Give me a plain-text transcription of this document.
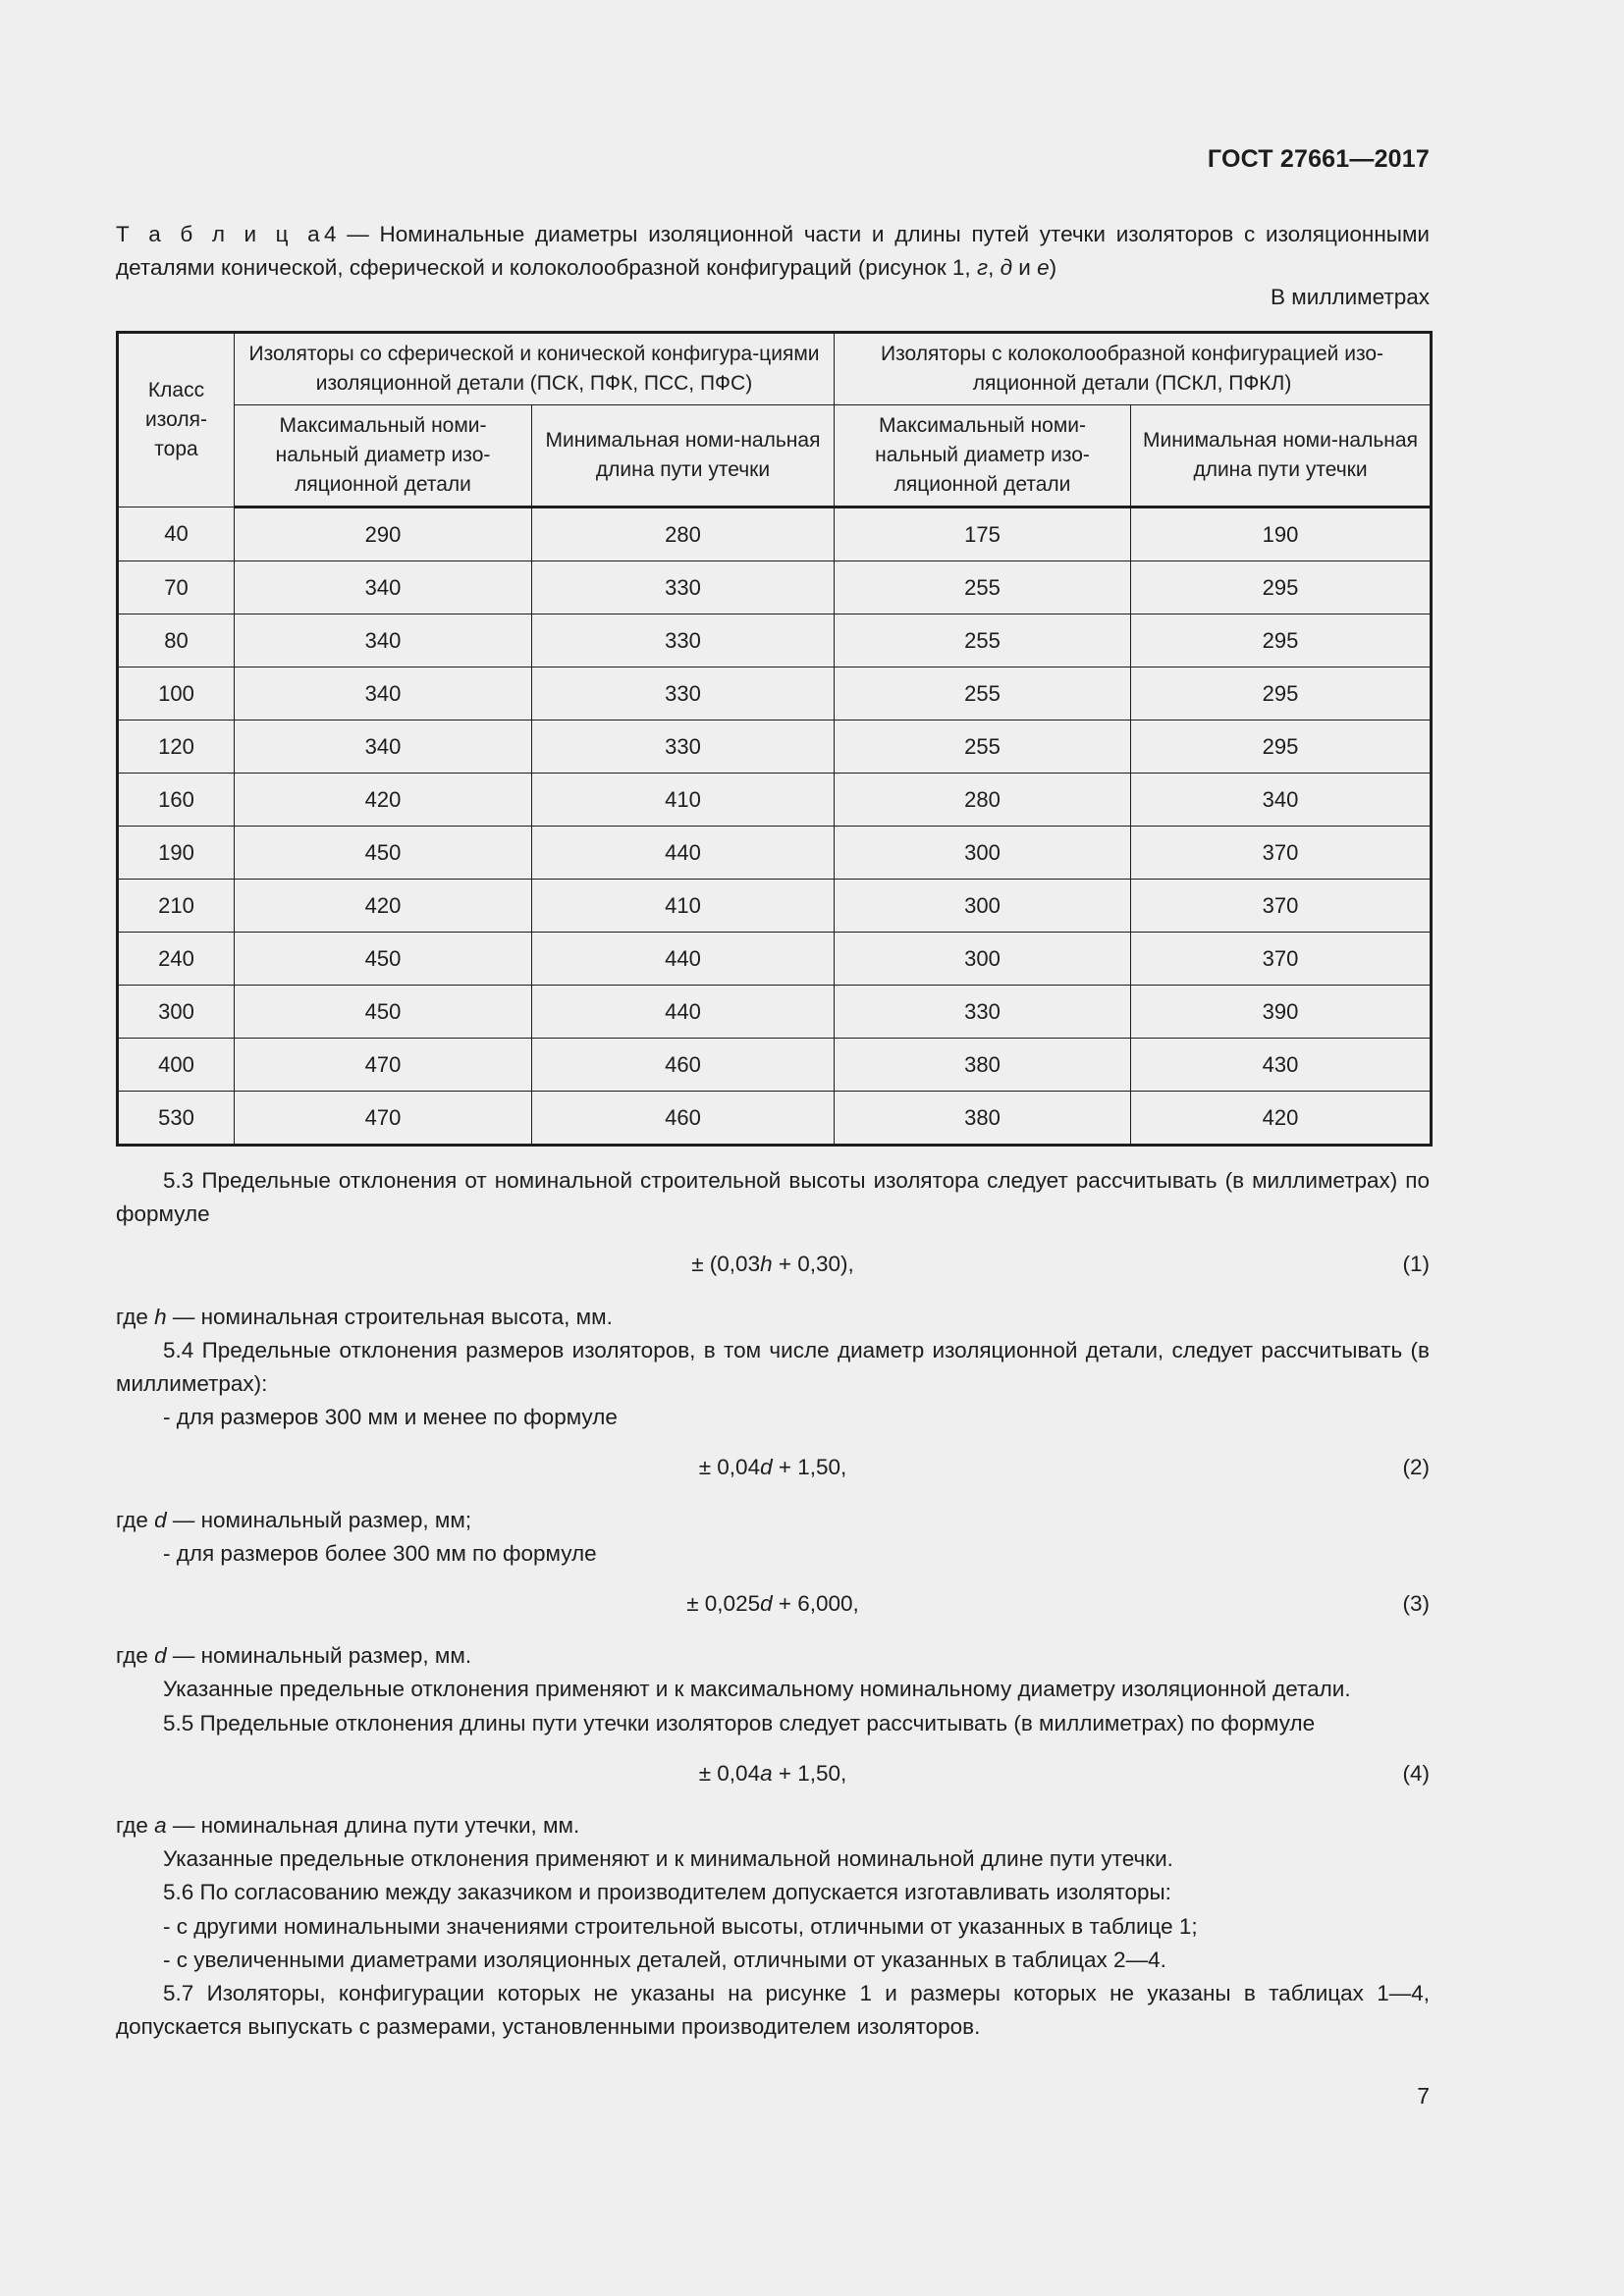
ГОСТ 27661—2017
Т а б л и ц а4 — Номинальные диаметры изоляционной части и длины путей утечки изоляторов с изоляционными деталями конической, сферической и колоколообразной конфигураций (рисунок 1, г, д и е)
В миллиметрах
Класс изоля-тора	Изоляторы со сферической и конической конфигура-циями изоляционной детали (ПСК, ПФК, ПСС, ПФС)		Изоляторы с колоколообразной конфигурацией изо-ляционной детали (ПСКЛ, ПФКЛ)	
	Максимальный номи-нальный диаметр изо-ляционной детали	Минимальная номи-нальная длина пути утечки	Максимальный номи-нальный диаметр изо-ляционной детали	Минимальная номи-нальная длина пути утечки
40	290	280	175	190
70	340	330	255	295
80	340	330	255	295
100	340	330	255	295
120	340	330	255	295
160	420	410	280	340
190	450	440	300	370
210	420	410	300	370
240	450	440	300	370
300	450	440	330	390
400	470	460	380	430
530	470	460	380	420

5.3 Предельные отклонения от номинальной строительной высоты изолятора следует рассчитывать (в миллиметрах) по формуле

± (0,03h + 0,30),	(1)

где h — номинальная строительная высота, мм.

5.4 Предельные отклонения размеров изоляторов, в том числе диаметр изоляционной детали, следует рассчитывать (в миллиметрах):

- для размеров 300 мм и менее по формуле

± 0,04d + 1,50,	(2)

где d — номинальный размер, мм;

- для размеров более 300 мм по формуле

± 0,025d + 6,000,	(3)

где d — номинальный размер, мм.

Указанные предельные отклонения применяют и к максимальному номинальному диаметру изоляционной детали.

5.5 Предельные отклонения длины пути утечки изоляторов следует рассчитывать (в миллиметрах) по формуле

± 0,04a + 1,50,	(4)

где a — номинальная длина пути утечки, мм.

Указанные предельные отклонения применяют и к минимальной номинальной длине пути утечки.

5.6 По согласованию между заказчиком и производителем допускается изготавливать изоляторы:

- с другими номинальными значениями строительной высоты, отличными от указанных в таблице 1;

- с увеличенными диаметрами изоляционных деталей, отличными от указанных в таблицах 2—4.

5.7 Изоляторы, конфигурации которых не указаны на рисунке 1 и размеры которых не указаны в таблицах 1—4, допускается выпускать с размерами, установленными производителем изоляторов.

7
